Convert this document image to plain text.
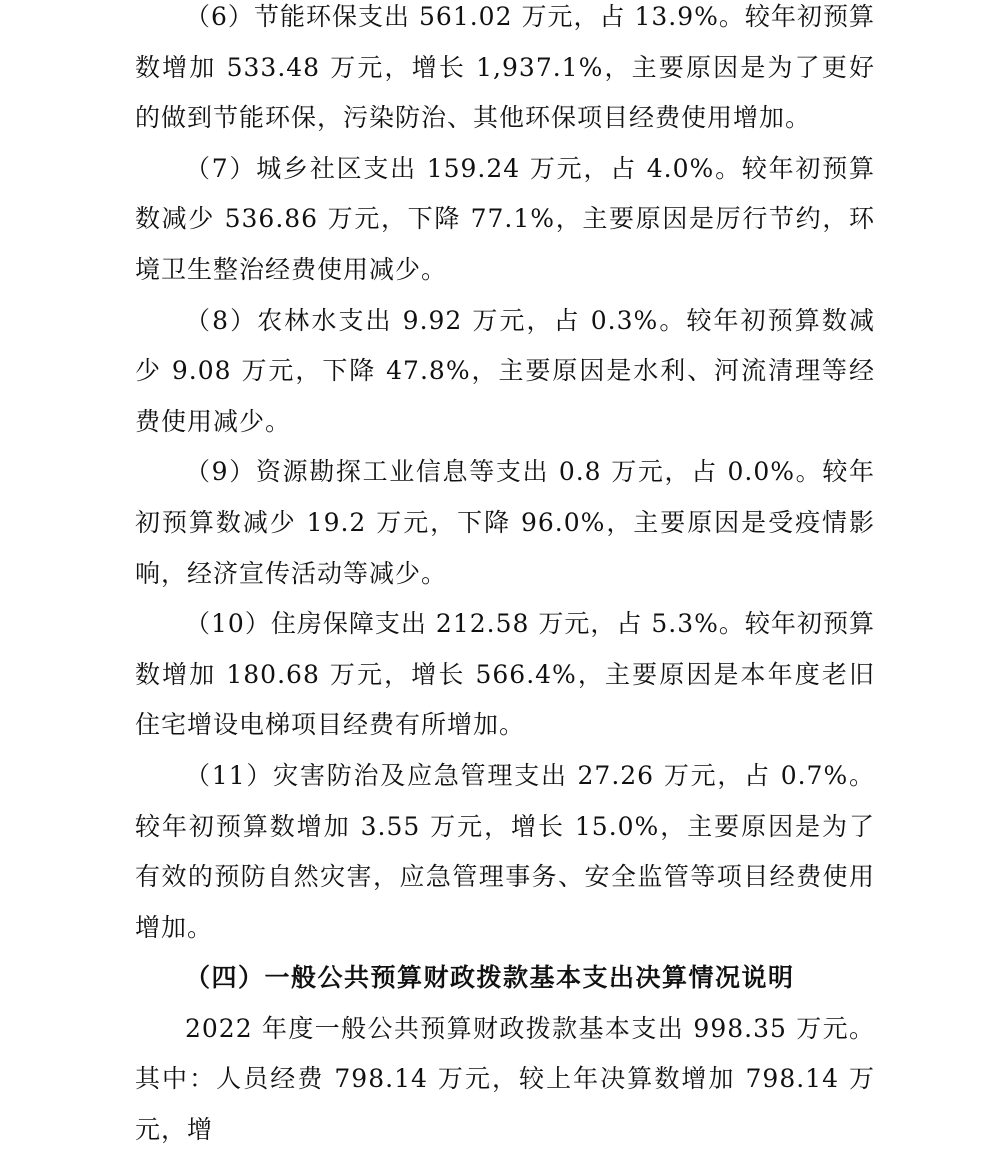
（6）节能环保支出 561.02 万元，占 13.9%。较年初预算数增加 533.48 万元，增长 1,937.1%，主要原因是为了更好的做到节能环保，污染防治、其他环保项目经费使用增加。

（7）城乡社区支出 159.24 万元，占 4.0%。较年初预算数减少 536.86 万元，下降 77.1%，主要原因是厉行节约，环境卫生整治经费使用减少。

（8）农林水支出 9.92 万元，占 0.3%。较年初预算数减少 9.08 万元，下降 47.8%，主要原因是水利、河流清理等经费使用减少。

（9）资源勘探工业信息等支出 0.8 万元，占 0.0%。较年初预算数减少 19.2 万元，下降 96.0%，主要原因是受疫情影响，经济宣传活动等减少。

（10）住房保障支出 212.58 万元，占 5.3%。较年初预算数增加 180.68 万元，增长 566.4%，主要原因是本年度老旧住宅增设电梯项目经费有所增加。

（11）灾害防治及应急管理支出 27.26 万元，占 0.7%。较年初预算数增加 3.55 万元，增长 15.0%，主要原因是为了有效的预防自然灾害，应急管理事务、安全监管等项目经费使用增加。

（四）一般公共预算财政拨款基本支出决算情况说明

2022 年度一般公共预算财政拨款基本支出 998.35 万元。其中：人员经费 798.14 万元，较上年决算数增加 798.14 万元，增
